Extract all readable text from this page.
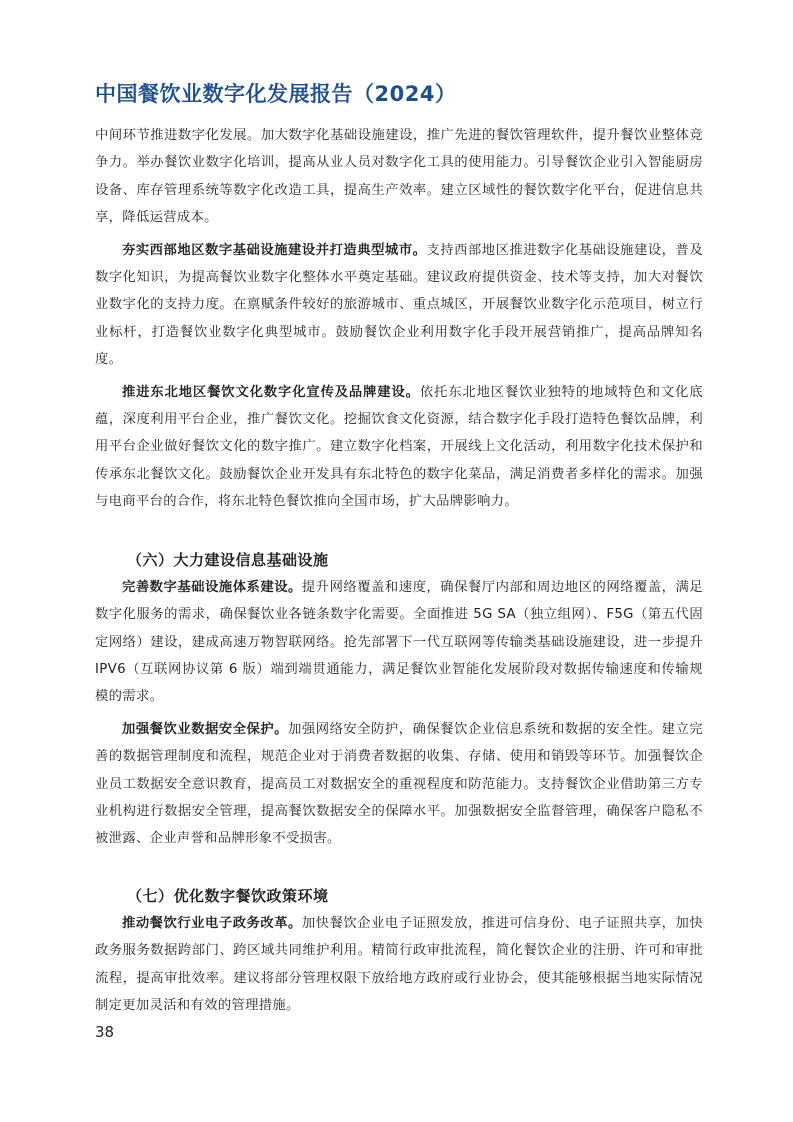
中国餐饮业数字化发展报告（2024）

中间环节推进数字化发展。加大数字化基础设施建设，推广先进的餐饮管理软件，提升餐饮业整体竞争力。举办餐饮业数字化培训，提高从业人员对数字化工具的使用能力。引导餐饮企业引入智能厨房设备、库存管理系统等数字化改造工具，提高生产效率。建立区域性的餐饮数字化平台，促进信息共享，降低运营成本。

夯实西部地区数字基础设施建设并打造典型城市。支持西部地区推进数字化基础设施建设，普及数字化知识，为提高餐饮业数字化整体水平奠定基础。建议政府提供资金、技术等支持，加大对餐饮业数字化的支持力度。在禀赋条件较好的旅游城市、重点城区，开展餐饮业数字化示范项目，树立行业标杆，打造餐饮业数字化典型城市。鼓励餐饮企业利用数字化手段开展营销推广，提高品牌知名度。

推进东北地区餐饮文化数字化宣传及品牌建设。依托东北地区餐饮业独特的地域特色和文化底蕴，深度利用平台企业，推广餐饮文化。挖掘饮食文化资源，结合数字化手段打造特色餐饮品牌，利用平台企业做好餐饮文化的数字推广。建立数字化档案，开展线上文化活动，利用数字化技术保护和传承东北餐饮文化。鼓励餐饮企业开发具有东北特色的数字化菜品，满足消费者多样化的需求。加强与电商平台的合作，将东北特色餐饮推向全国市场，扩大品牌影响力。

（六）大力建设信息基础设施

完善数字基础设施体系建设。提升网络覆盖和速度，确保餐厅内部和周边地区的网络覆盖，满足数字化服务的需求，确保餐饮业各链条数字化需要。全面推进 5G SA（独立组网）、F5G（第五代固定网络）建设，建成高速万物智联网络。抢先部署下一代互联网等传输类基础设施建设，进一步提升 IPV6（互联网协议第 6 版）端到端贯通能力，满足餐饮业智能化发展阶段对数据传输速度和传输规模的需求。

加强餐饮业数据安全保护。加强网络安全防护，确保餐饮企业信息系统和数据的安全性。建立完善的数据管理制度和流程，规范企业对于消费者数据的收集、存储、使用和销毁等环节。加强餐饮企业员工数据安全意识教育，提高员工对数据安全的重视程度和防范能力。支持餐饮企业借助第三方专业机构进行数据安全管理，提高餐饮数据安全的保障水平。加强数据安全监督管理，确保客户隐私不被泄露、企业声誉和品牌形象不受损害。

（七）优化数字餐饮政策环境

推动餐饮行业电子政务改革。加快餐饮企业电子证照发放，推进可信身份、电子证照共享，加快政务服务数据跨部门、跨区域共同维护利用。精简行政审批流程，简化餐饮企业的注册、许可和审批流程，提高审批效率。建议将部分管理权限下放给地方政府或行业协会，使其能够根据当地实际情况制定更加灵活和有效的管理措施。

38
